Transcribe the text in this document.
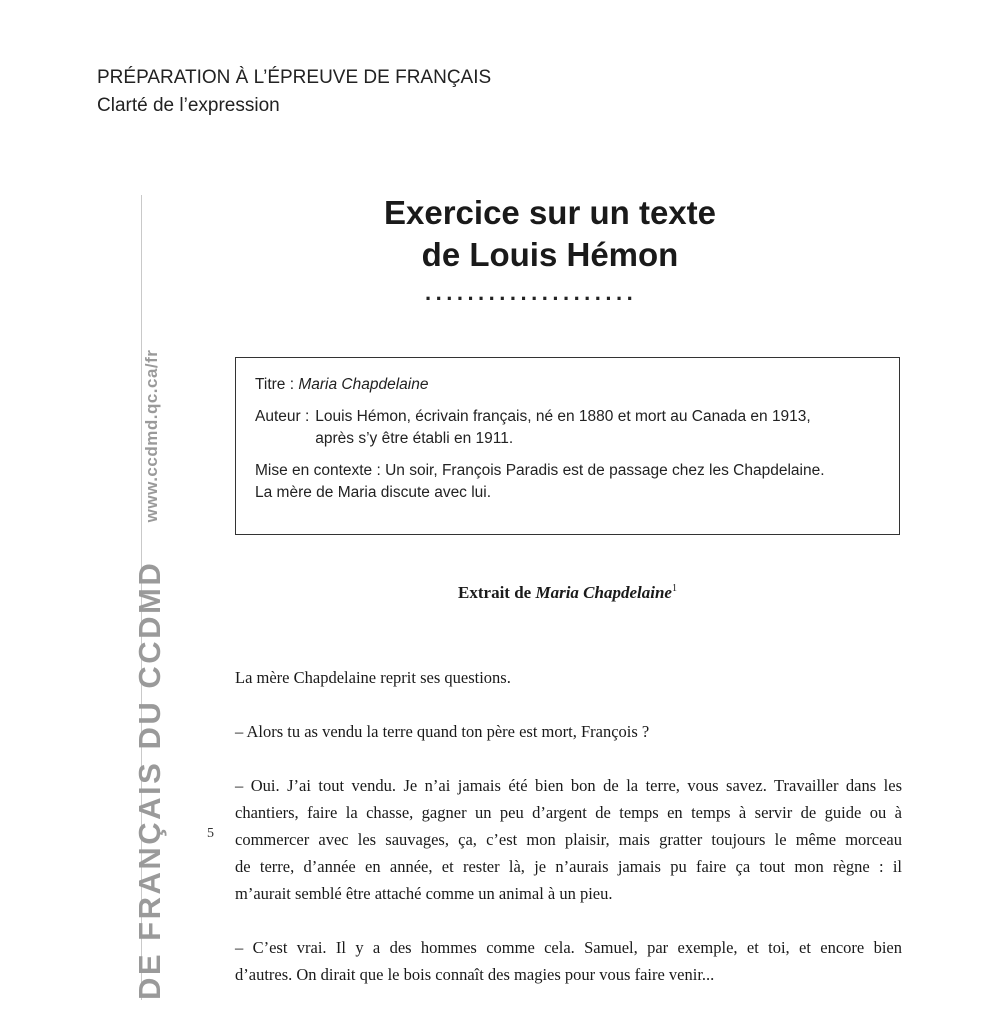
PRÉPARATION À L’ÉPREUVE DE FRANÇAIS
Clarté de l’expression
DE FRANÇAIS DU CCDMD www.ccdmd.qc.ca/fr
Exercice sur un texte
de Louis Hémon
....................

Titre : Maria Chapdelaine

Auteur : Louis Hémon, écrivain français, né en 1880 et mort au Canada en 1913,
après s’y être établi en 1911.

Mise en contexte : Un soir, François Paradis est de passage chez les Chapdelaine.
La mère de Maria discute avec lui.

Extrait de Maria Chapdelaine$^1$
5

La mère Chapdelaine reprit ses questions.

– Alors tu as vendu la terre quand ton père est mort, François ?

– Oui. J’ai tout vendu. Je n’ai jamais été bien bon de la terre, vous savez. Travailler dans les
chantiers, faire la chasse, gagner un peu d’argent de temps en temps à servir de guide ou à
commercer avec les sauvages, ça, c’est mon plaisir, mais gratter toujours le même morceau
de terre, d’année en année, et rester là, je n’aurais jamais pu faire ça tout mon règne : il
m’aurait semblé être attaché comme un animal à un pieu.

– C’est vrai. Il y a des hommes comme cela. Samuel, par exemple, et toi, et encore bien
d’autres. On dirait que le bois connaît des magies pour vous faire venir...
